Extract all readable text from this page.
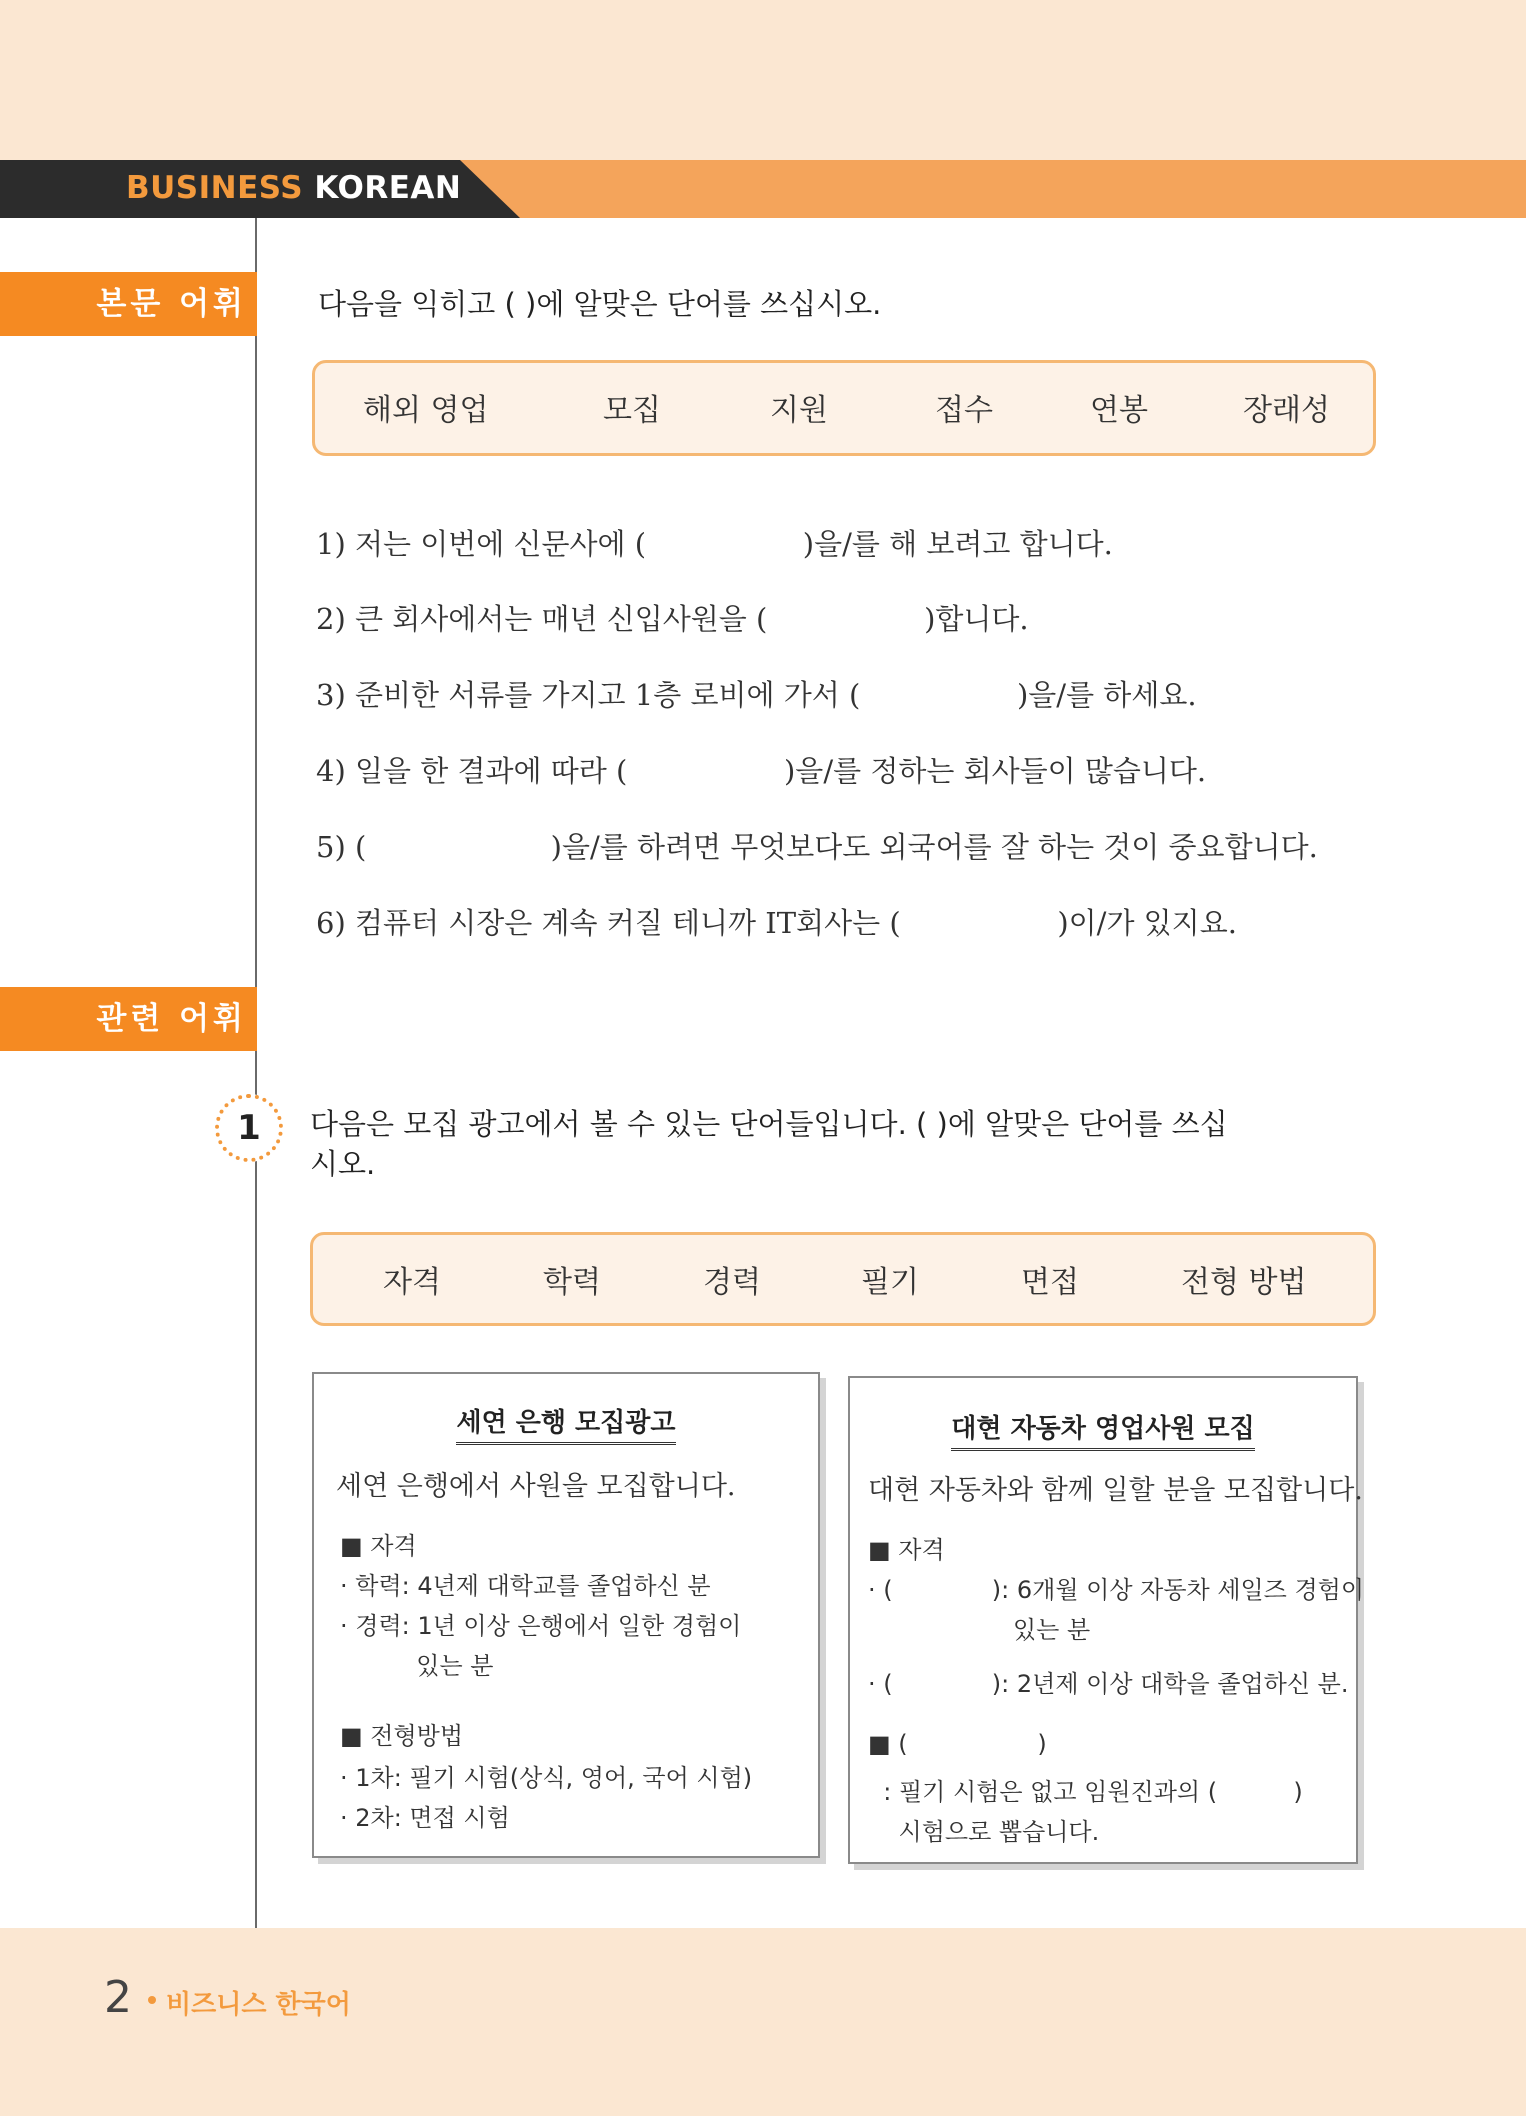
BUSINESS KOREAN
본문 어휘	다음을 익히고 ( )에 알맞은 단어를 쓰십시오.
해외 영업	모집	지원	접수	연봉	장래성
1) 저는 이번에 신문사에 (                 )을/를 해 보려고 합니다.
2) 큰 회사에서는 매년 신입사원을 (                 )합니다.
3) 준비한 서류를 가지고 1층 로비에 가서 (                 )을/를 하세요.
4) 일을 한 결과에 따라 (                 )을/를 정하는 회사들이 많습니다.
5) (                    )을/를 하려면 무엇보다도 외국어를 잘 하는 것이 중요합니다.
6) 컴퓨터 시장은 계속 커질 테니까 IT회사는 (                 )이/가 있지요.
관련 어휘
1	다음은 모집 광고에서 볼 수 있는 단어들입니다. ( )에 알맞은 단어를 쓰십
시오.
자격	학력	경력	필기	면접	전형 방법
세연 은행 모집광고
세연 은행에서 사원을 모집합니다.
■ 자격
· 학력: 4년제 대학교를 졸업하신 분
· 경력: 1년 이상 은행에서 일한 경험이
있는 분
■ 전형방법
· 1차: 필기 시험(상식, 영어, 국어 시험)
· 2차: 면접 시험
대현 자동차 영업사원 모집
대현 자동차와 함께 일할 분을 모집합니다.
■ 자격
· (             ): 6개월 이상 자동차 세일즈 경험이
있는 분
· (             ): 2년제 이상 대학을 졸업하신 분.
■ (                 )
: 필기 시험은 없고 임원진과의 (          )
시험으로 뽑습니다.
2 비즈니스 한국어
